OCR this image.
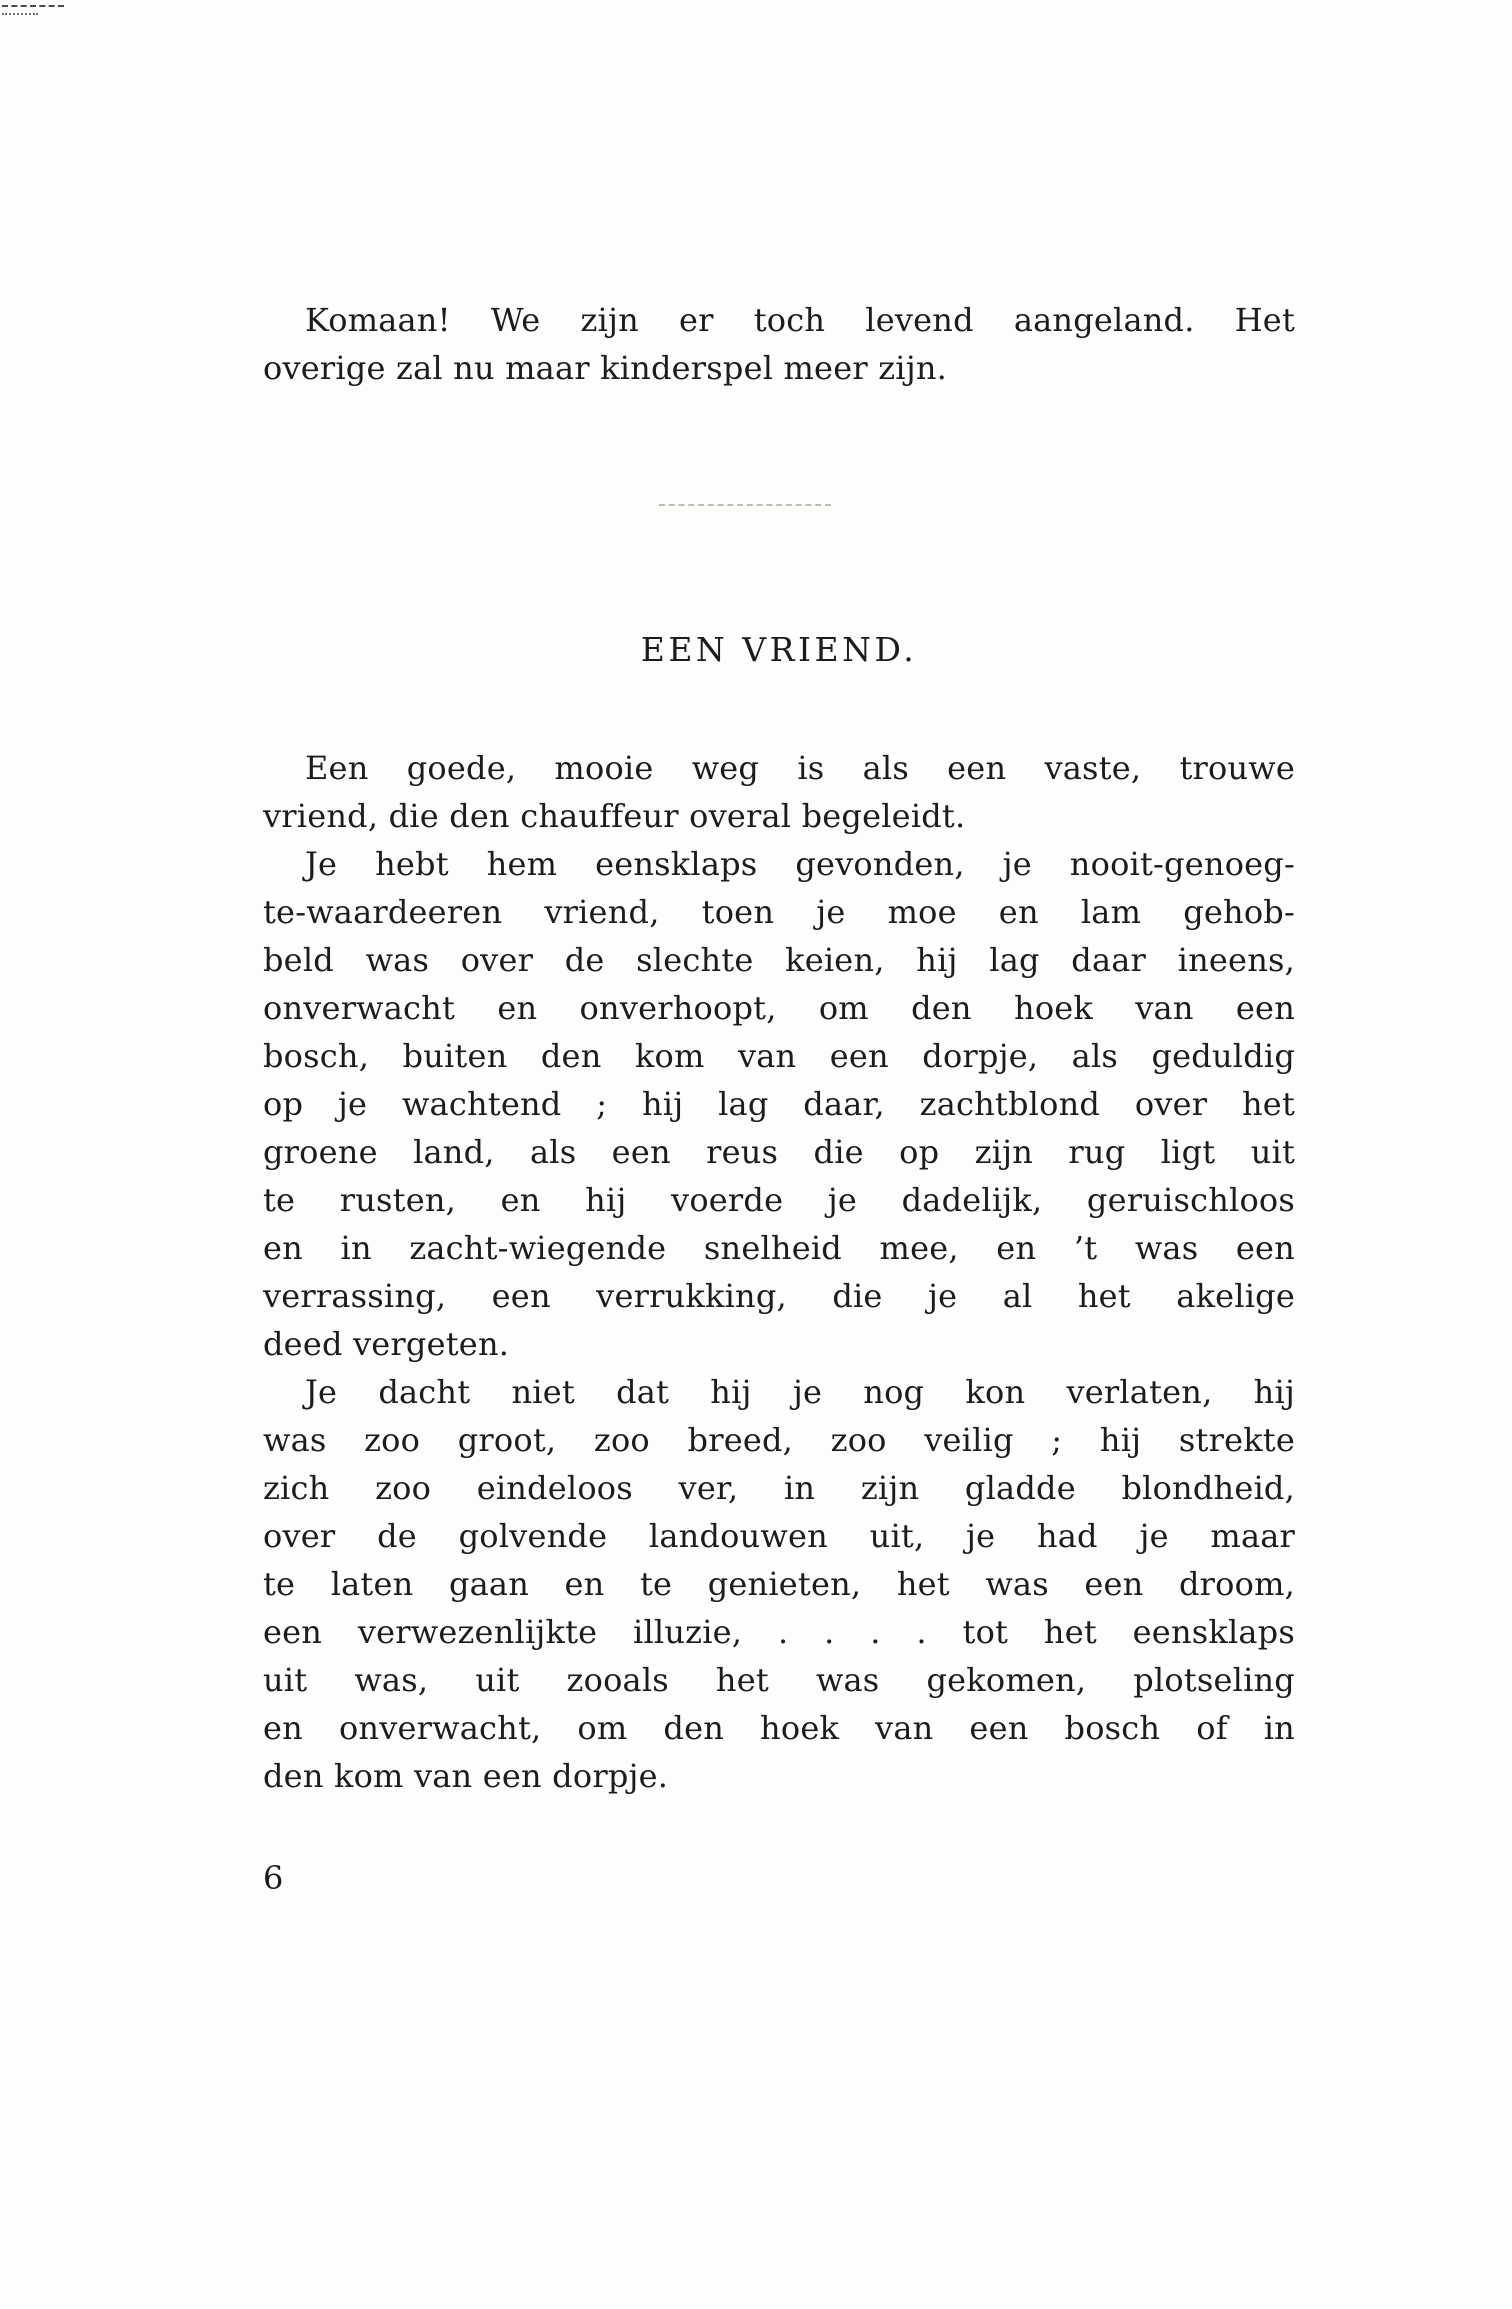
Komaan! We zijn er toch levend aangeland. Het
overige zal nu maar kinderspel meer zijn.

EEN VRIEND.

Een goede, mooie weg is als een vaste, trouwe
vriend, die den chauffeur overal begeleidt.

Je hebt hem eensklaps gevonden, je nooit-genoeg-
te-waardeeren vriend, toen je moe en lam gehob-
beld was over de slechte keien, hij lag daar ineens,
onverwacht en onverhoopt, om den hoek van een
bosch, buiten den kom van een dorpje, als geduldig
op je wachtend ; hij lag daar, zachtblond over het
groene land, als een reus die op zijn rug ligt uit
te rusten, en hij voerde je dadelijk, geruischloos
en in zacht-wiegende snelheid mee, en ’t was een
verrassing, een verrukking, die je al het akelige
deed vergeten.

Je dacht niet dat hij je nog kon verlaten, hij
was zoo groot, zoo breed, zoo veilig ; hij strekte
zich zoo eindeloos ver, in zijn gladde blondheid,
over de golvende landouwen uit, je had je maar
te laten gaan en te genieten, het was een droom,
een verwezenlijkte illuzie, . . . . tot het eensklaps
uit was, uit zooals het was gekomen, plotseling
en onverwacht, om den hoek van een bosch of in
den kom van een dorpje.

6
